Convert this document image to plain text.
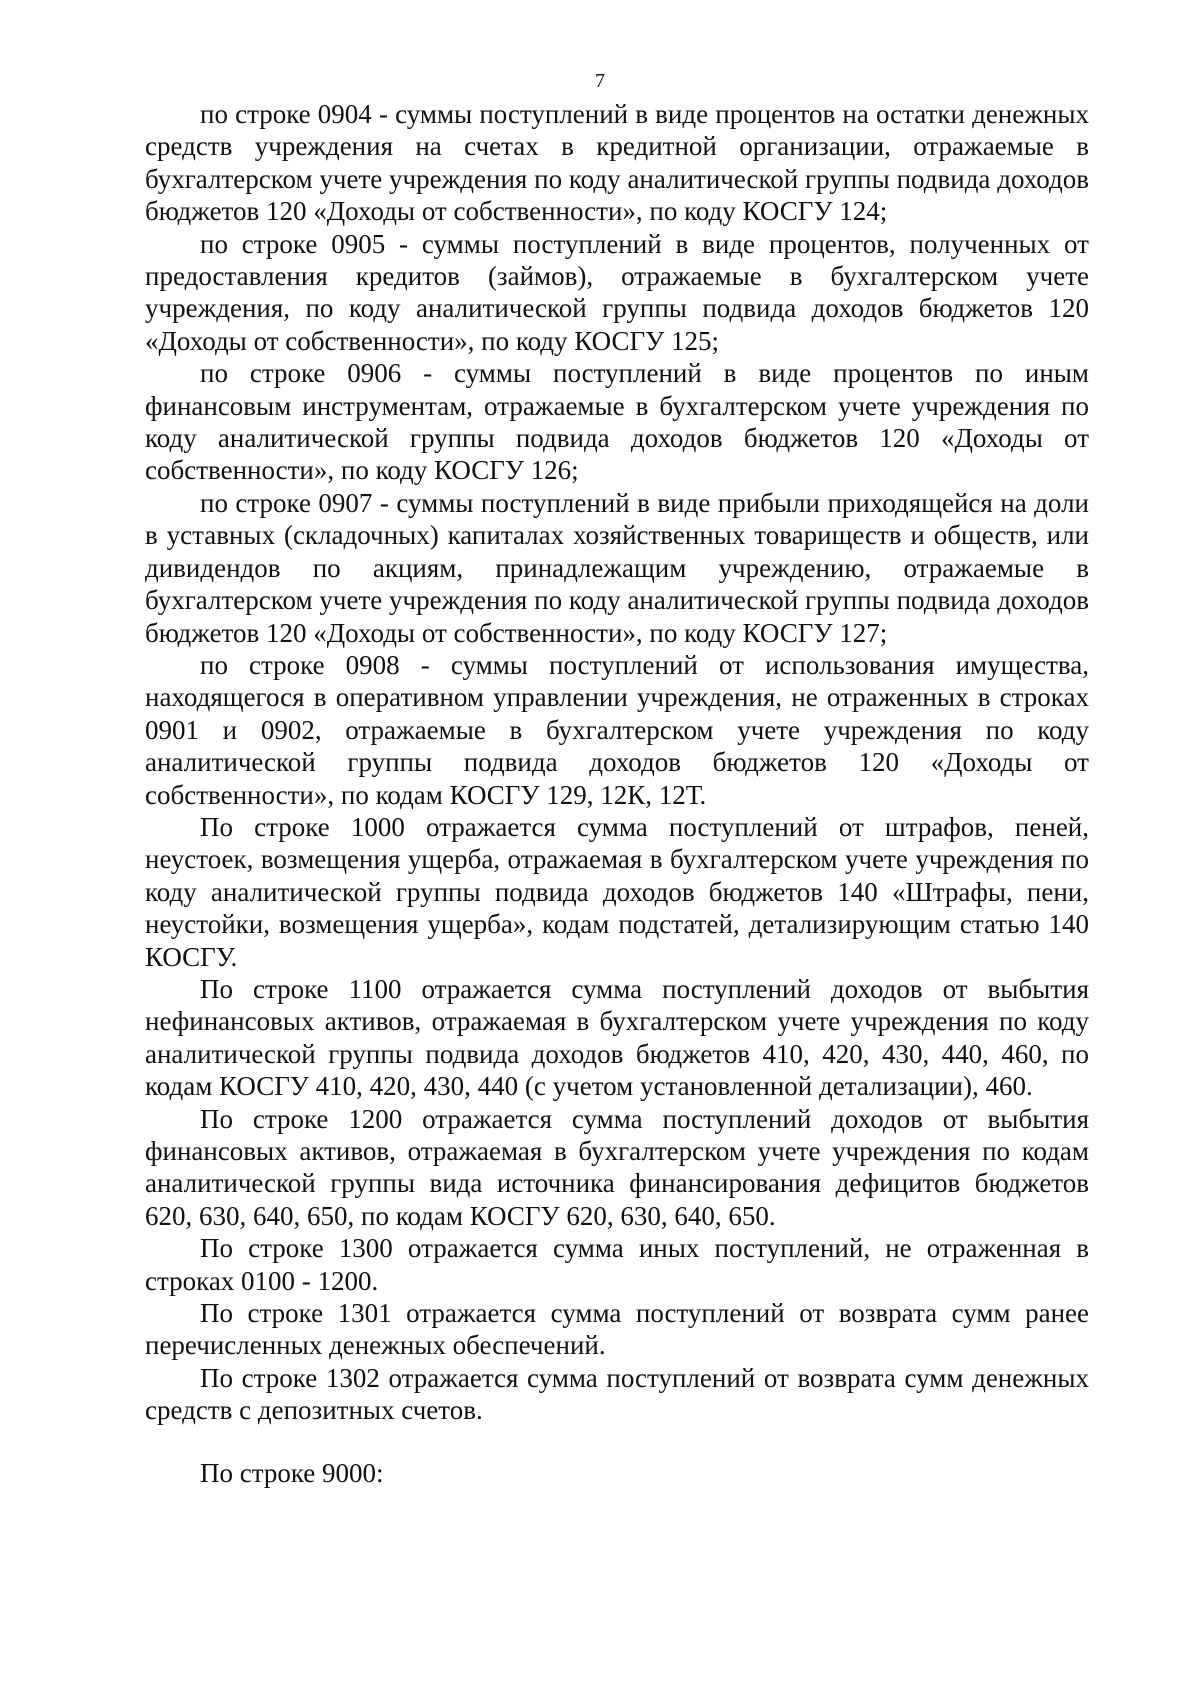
7

по строке 0904 - суммы поступлений в виде процентов на остатки денежных средств учреждения на счетах в кредитной организации, отражаемые в бухгалтерском учете учреждения по коду аналитической группы подвида доходов бюджетов 120 «Доходы от собственности», по коду КОСГУ 124;

по строке 0905 - суммы поступлений в виде процентов, полученных от предоставления кредитов (займов), отражаемые в бухгалтерском учете учреждения, по коду аналитической группы подвида доходов бюджетов 120 «Доходы от собственности», по коду КОСГУ 125;

по строке 0906 - суммы поступлений в виде процентов по иным финансовым инструментам, отражаемые в бухгалтерском учете учреждения по коду аналитической группы подвида доходов бюджетов 120 «Доходы от собственности», по коду КОСГУ 126;

по строке 0907 - суммы поступлений в виде прибыли приходящейся на доли в уставных (складочных) капиталах хозяйственных товариществ и обществ, или дивидендов по акциям, принадлежащим учреждению, отражаемые в бухгалтерском учете учреждения по коду аналитической группы подвида доходов бюджетов 120 «Доходы от собственности», по коду КОСГУ 127;

по строке 0908 - суммы поступлений от использования имущества, находящегося в оперативном управлении учреждения, не отраженных в строках 0901 и 0902, отражаемые в бухгалтерском учете учреждения по коду аналитической группы подвида доходов бюджетов 120 «Доходы от собственности», по кодам КОСГУ 129, 12К, 12Т.

По строке 1000 отражается сумма поступлений от штрафов, пеней, неустоек, возмещения ущерба, отражаемая в бухгалтерском учете учреждения по коду аналитической группы подвида доходов бюджетов 140 «Штрафы, пени, неустойки, возмещения ущерба», кодам подстатей, детализирующим статью 140 КОСГУ.

По строке 1100 отражается сумма поступлений доходов от выбытия нефинансовых активов, отражаемая в бухгалтерском учете учреждения по коду аналитической группы подвида доходов бюджетов 410, 420, 430, 440, 460, по кодам КОСГУ 410, 420, 430, 440 (с учетом установленной детализации), 460.

По строке 1200 отражается сумма поступлений доходов от выбытия финансовых активов, отражаемая в бухгалтерском учете учреждения по кодам аналитической группы вида источника финансирования дефицитов бюджетов 620, 630, 640, 650, по кодам КОСГУ 620, 630, 640, 650.

По строке 1300 отражается сумма иных поступлений, не отраженная в строках 0100 - 1200.

По строке 1301 отражается сумма поступлений от возврата сумм ранее перечисленных денежных обеспечений.

По строке 1302 отражается сумма поступлений от возврата сумм денежных средств с депозитных счетов.

По строке 9000:
